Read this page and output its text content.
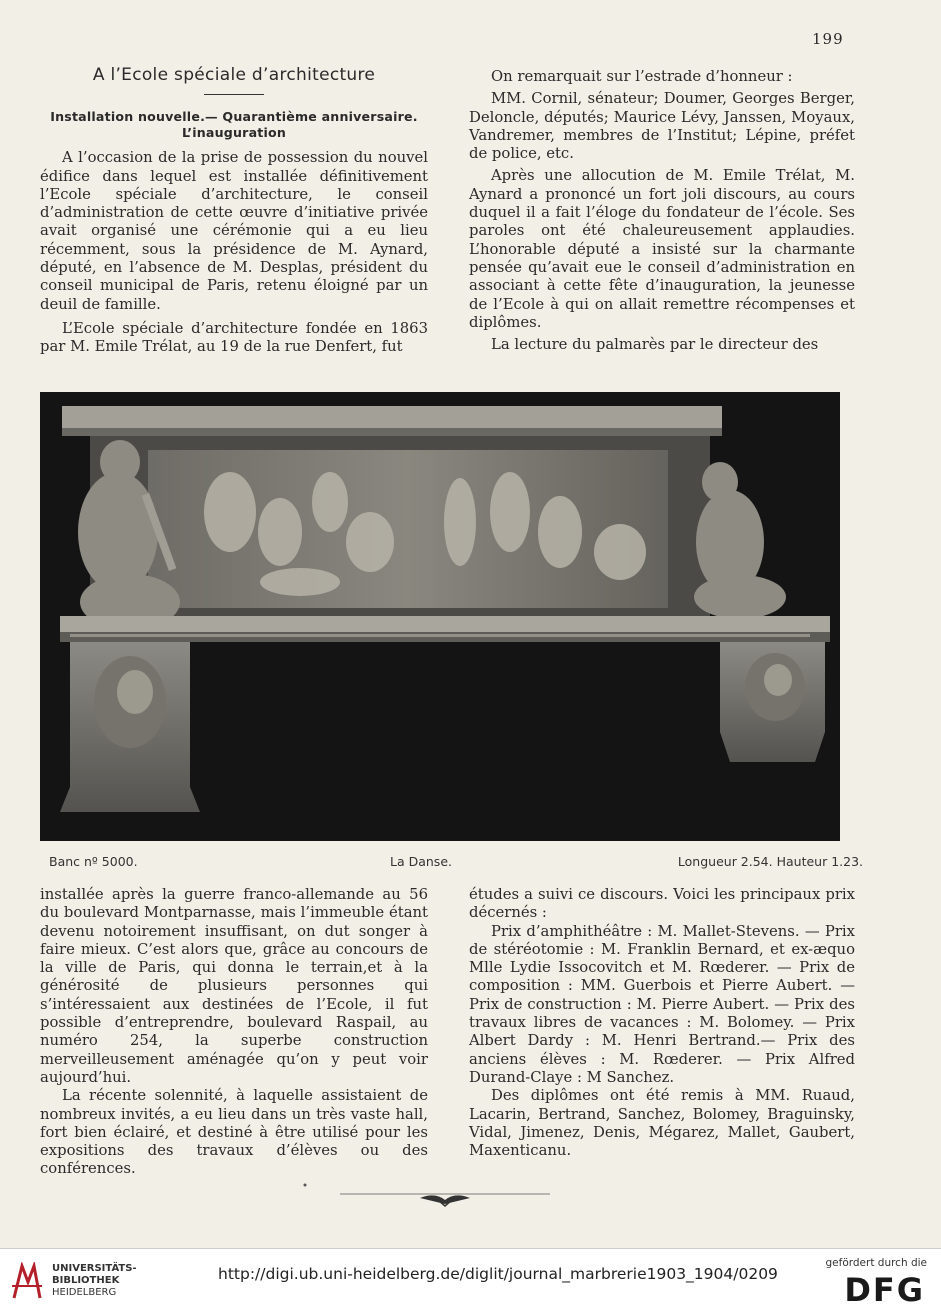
199
A l’Ecole spéciale d’architecture
Installation nouvelle.— Quarantième anniversaire.
L’inauguration

A l’occasion de la prise de possession du nouvel édifice dans lequel est installée définitivement l’Ecole spéciale d’architecture, le conseil d’administration de cette œuvre d’initiative privée avait organisé une cérémonie qui a eu lieu récemment, sous la présidence de M. Aynard, député, en l’absence de M. Desplas, président du conseil municipal de Paris, retenu éloigné par un deuil de famille.

L’Ecole spéciale d’architecture fondée en 1863 par M. Emile Trélat, au 19 de la rue Denfert, fut

On remarquait sur l’estrade d’honneur :

MM. Cornil, sénateur; Doumer, Georges Berger, Deloncle, députés; Maurice Lévy, Janssen, Moyaux, Vandremer, membres de l’Institut; Lépine, préfet de police, etc.

Après une allocution de M. Emile Trélat, M. Aynard a prononcé un fort joli discours, au cours duquel il a fait l’éloge du fondateur de l’école. Ses paroles ont été chaleureusement applaudies. L’honorable député a insisté sur la charmante pensée qu’avait eue le conseil d’administration en associant à cette fête d’inauguration, la jeunesse de l’Ecole à qui on allait remettre récompenses et diplômes.

La lecture du palmarès par le directeur des

Banc nº 5000.	La Danse.	Longueur 2.54. Hauteur 1.23.

installée après la guerre franco-allemande au 56 du boulevard Montparnasse, mais l’immeuble étant devenu notoirement insuffisant, on dut songer à faire mieux. C’est alors que, grâce au concours de la ville de Paris, qui donna le terrain,et à la générosité de plusieurs personnes qui s’intéressaient aux destinées de l’Ecole, il fut possible d’entreprendre, boulevard Raspail, au numéro 254, la superbe construction merveilleusement aménagée qu’on y peut voir aujourd’hui.

La récente solennité, à laquelle assistaient de nombreux invités, a eu lieu dans un très vaste hall, fort bien éclairé, et destiné à être utilisé pour les expositions des travaux d’élèves ou des conférences.

études a suivi ce discours. Voici les principaux prix décernés :

Prix d’amphithéâtre : M. Mallet-Stevens. — Prix de stéréotomie : M. Franklin Bernard, et ex-æquo Mlle Lydie Issocovitch et M. Rœderer. — Prix de composition : MM. Guerbois et Pierre Aubert. — Prix de construction : M. Pierre Aubert. — Prix des travaux libres de vacances : M. Bolomey. — Prix Albert Dardy : M. Henri Bertrand.— Prix des anciens élèves : M. Rœderer. — Prix Alfred Durand-Claye : M Sanchez.

Des diplômes ont été remis à MM. Ruaud, Lacarin, Bertrand, Sanchez, Bolomey, Braguinsky, Vidal, Jimenez, Denis, Mégarez, Mallet, Gaubert, Maxenticanu.

UNIVERSITÄTS-
BIBLIOTHEK
HEIDELBERG
http://digi.ub.uni-heidelberg.de/diglit/journal_marbrerie1903_1904/0209
gefördert durch die
DFG
